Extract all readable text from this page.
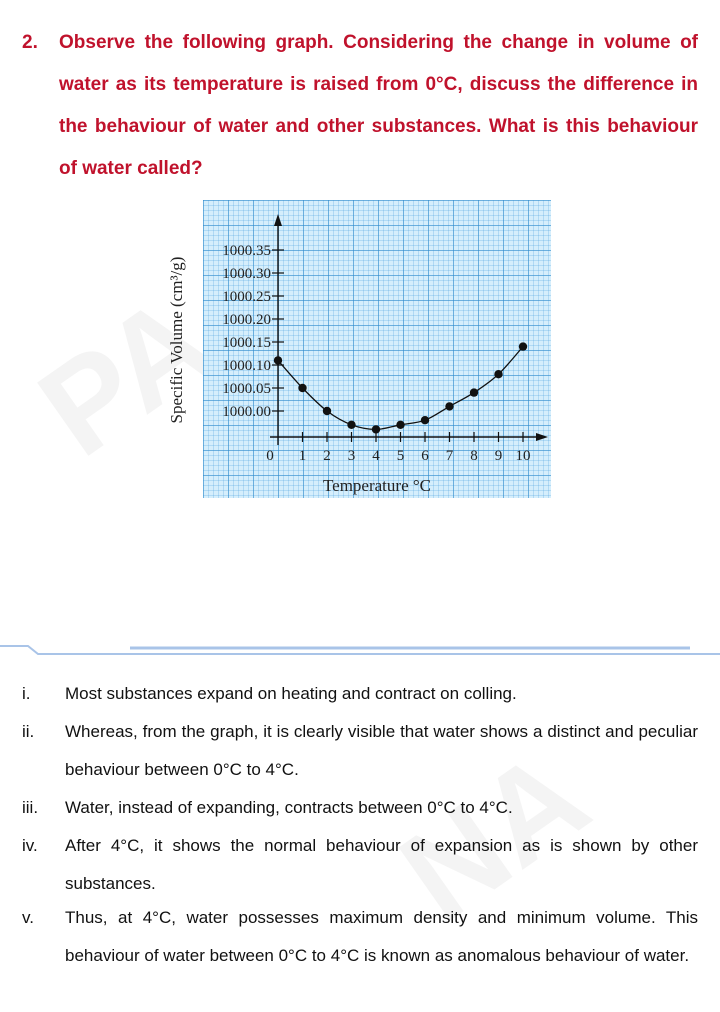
2.	Observe the following graph. Considering the change in volume of water as its temperature is raised from 0°C, discuss the difference in the behaviour of water and other substances. What is this behaviour of water called?
Specific Volume (cm³/g) 1000.00
1000.05
1000.10
1000.15
1000.20
1000.25
1000.30
1000.35
0 1 2 3 4 5 6 7 8 9 10
Temperature °C
i. Most substances expand on heating and contract on colling.
ii. Whereas, from the graph, it is clearly visible that water shows a distinct and peculiar behaviour between 0°C to 4°C.
iii. Water, instead of expanding, contracts between 0°C to 4°C.
iv. After 4°C, it shows the normal behaviour of expansion as is shown by other substances.
v. Thus, at 4°C, water possesses maximum density and minimum volume. This behaviour of water between 0°C to 4°C is known as anomalous behaviour of water.
